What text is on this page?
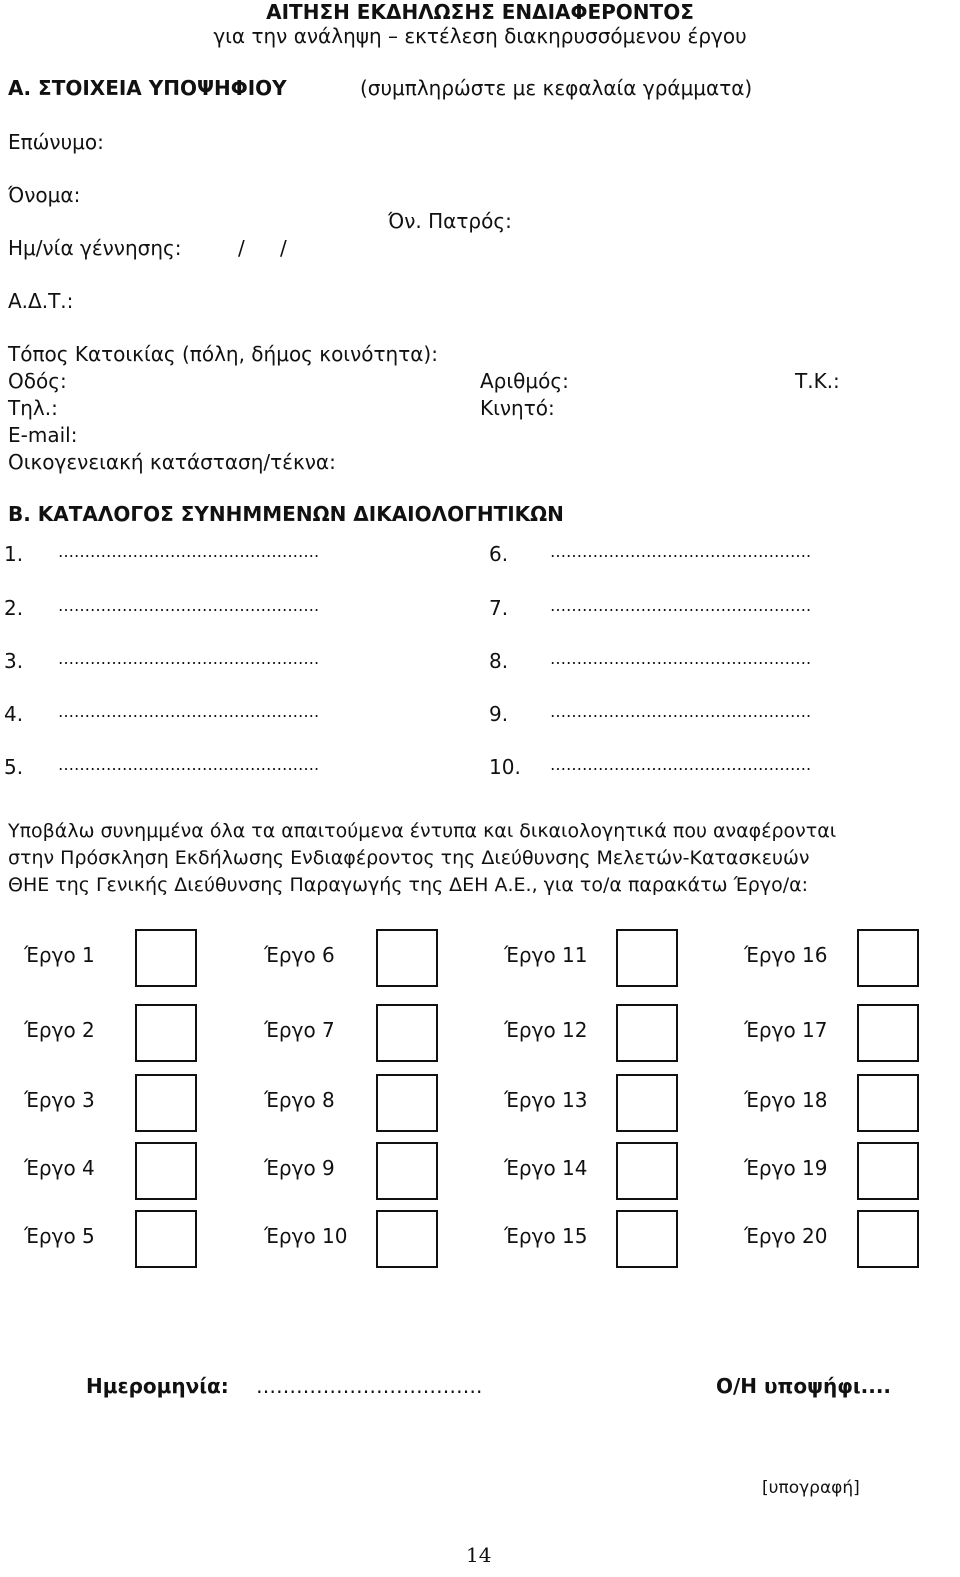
ΑΙΤΗΣΗ ΕΚΔΗΛΩΣΗΣ ΕΝΔΙΑΦΕΡΟΝΤΟΣ
για την ανάληψη – εκτέλεση διακηρυσσόμενου έργου
Α. ΣΤΟΙΧΕΙΑ ΥΠΟΨΗΦΙΟΥ	(συμπληρώστε με κεφαλαία γράμματα)
Επώνυμο:
Όνομα:
Όν. Πατρός:
Ημ/νία γέννησης:	/ /
Α.Δ.Τ.:
Τόπος Κατοικίας (πόλη, δήμος κοινότητα):
Οδός:	Αριθμός:	Τ.Κ.:
Τηλ.:	Κινητό:
E-mail:
Οικογενειακή κατάσταση/τέκνα:
Β. ΚΑΤΑΛΟΓΟΣ ΣΥΝΗΜΜΕΝΩΝ ΔΙΚΑΙΟΛΟΓΗΤΙΚΩΝ
1. ………………………………………….
2. ………………………………………….
3. ………………………………………….
4. ………………………………………….
5. ………………………………………….
6.	………………………………………….
7.	………………………………………….
8.	………………………………………….
9.	………………………………………….
10. ………………………………………….
Υποβάλω συνημμένα όλα τα απαιτούμενα έντυπα και δικαιολογητικά που αναφέρονται
στην Πρόσκληση Εκδήλωσης Ενδιαφέροντος της Διεύθυνσης Μελετών-Κατασκευών
ΘΗΕ της Γενικής Διεύθυνσης Παραγωγής της ΔΕΗ Α.Ε., για το/α παρακάτω Έργο/α:
Έργο 1	Έργο 6	Έργο 11	Έργο 16
Έργο 2	Έργο 7	Έργο 12	Έργο 17
Έργο 3	Έργο 8	Έργο 13	Έργο 18
Έργο 4	Έργο 9	Έργο 14	Έργο 19
Έργο 5	Έργο 10	Έργο 15	Έργο 20
Ημερομηνία: …………………………….	Ο/Η υποψήφι....
[υπογραφή]
14
